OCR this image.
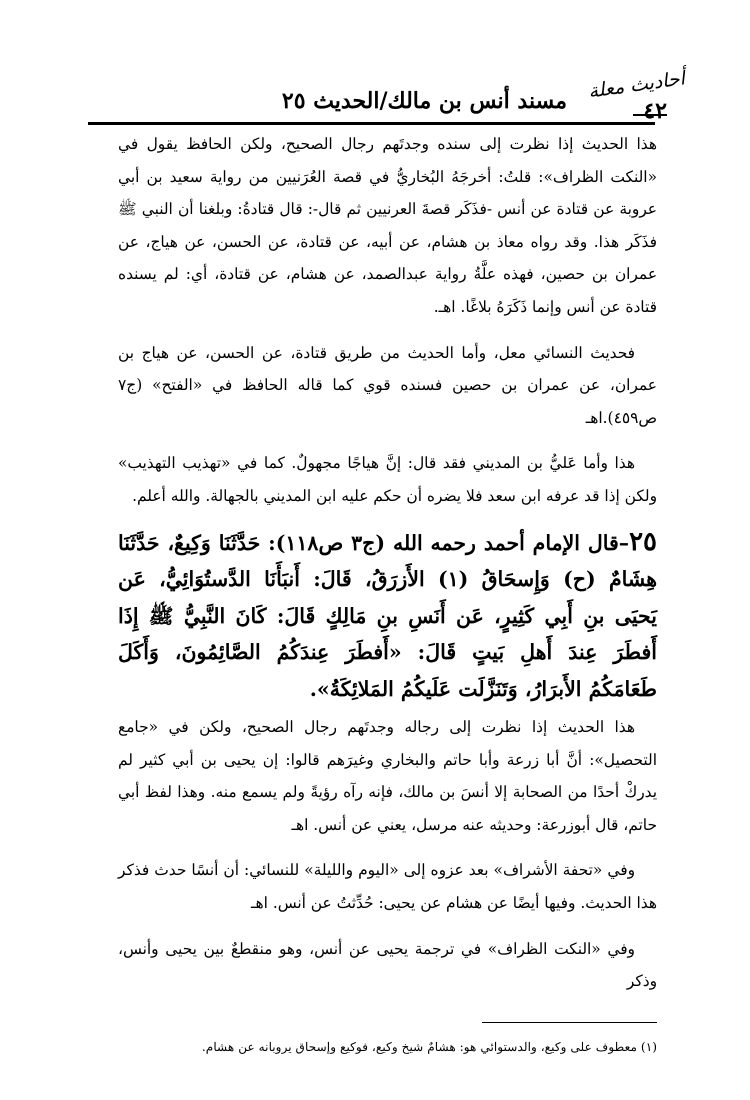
أحاديث معلة
٤٢
مسند أنس بن مالك/الحديث ٢٥

هذا الحديث إذا نظرت إلى سنده وجدتَهم رجال الصحيح، ولكن الحافظ يقول في «النكت الظراف»: قلتُ: أخرجَهُ البُخاريُّ في قصة العُرَنيين من رواية سعيد بن أبي عروبة عن قتادة عن أنس -فذَكَر قصةَ العرنيين ثم قال-: قال قتادةُ: وبلغنا أن النبي ﷺ فذَكَر هذا. وقد رواه معاذ بن هشام، عن أبيه، عن قتادة، عن الحسن، عن هياج، عن عمران بن حصين، فهذه علَّةُ رواية عبدالصمد، عن هشام، عن قتادة، أي: لم يسنده قتادة عن أنس وإنما ذَكَرَهُ بلاغًا. اهـ.

فحديث النسائي معل، وأما الحديث من طريق قتادة، عن الحسن، عن هياج بن عمران، عن عمران بن حصين فسنده قوي كما قاله الحافظ في «الفتح» (ج٧ ص٤٥٩).اهـ

هذا وأما عَليُّ بن المديني فقد قال: إنَّ هياجًا مجهولٌ. كما في «تهذيب التهذيب» ولكن إذا قد عرفه ابن سعد فلا يضره أن حكم عليه ابن المديني بالجهالة. والله أعلم.

٢٥–قال الإمام أحمد رحمه الله (ج٣ ص١١٨): حَدَّثَنَا وَكِيعٌ، حَدَّثَنَا هِشَامٌ (ح) وَإِسحَاقُ (١) الأَزرَقُ، قَالَ: أَنبَأَنَا الدَّستُوَائِيُّ، عَن يَحيَى بنِ أَبِي كَثِيرٍ، عَن أَنَسِ بنِ مَالِكٍ قَالَ: كَانَ النَّبِيُّ ﷺ إِذَا أَفطَرَ عِندَ أَهلِ بَيتٍ قَالَ: «أَفطَرَ عِندَكُمُ الصَّائِمُونَ، وَأَكَلَ طَعَامَكُمُ الأَبرَارُ، وَتَنَزَّلَت عَلَيكُمُ المَلائِكَةُ».

هذا الحديث إذا نظرت إلى رجاله وجدتَهم رجال الصحيح، ولكن في «جامع التحصيل»: أنَّ أبا زرعة وأبا حاتم والبخاري وغيرَهم قالوا: إن يحيى بن أبي كثير لم يدركْ أحدًا من الصحابة إلا أنسَ بن مالك، فإنه رآه رؤيةً ولم يسمع منه. وهذا لفظ أبي حاتم، قال أبوزرعة: وحديثه عنه مرسل، يعني عن أنس. اهـ

وفي «تحفة الأشراف» بعد عزوه إلى «اليوم والليلة» للنسائي: أن أنسًا حدث فذكر هذا الحديث. وفيها أيضًا عن هشام عن يحيى: حُدِّثتُ عن أنس. اهـ

وفي «النكت الظراف» في ترجمة يحيى عن أنس، وهو منقطعٌ بين يحيى وأنس، وذكر

(١) معطوف على وكيع، والدستوائي هو: هشامٌ شيخ وكيع، فوكيع وإسحاق يروبانه عن هشام.
